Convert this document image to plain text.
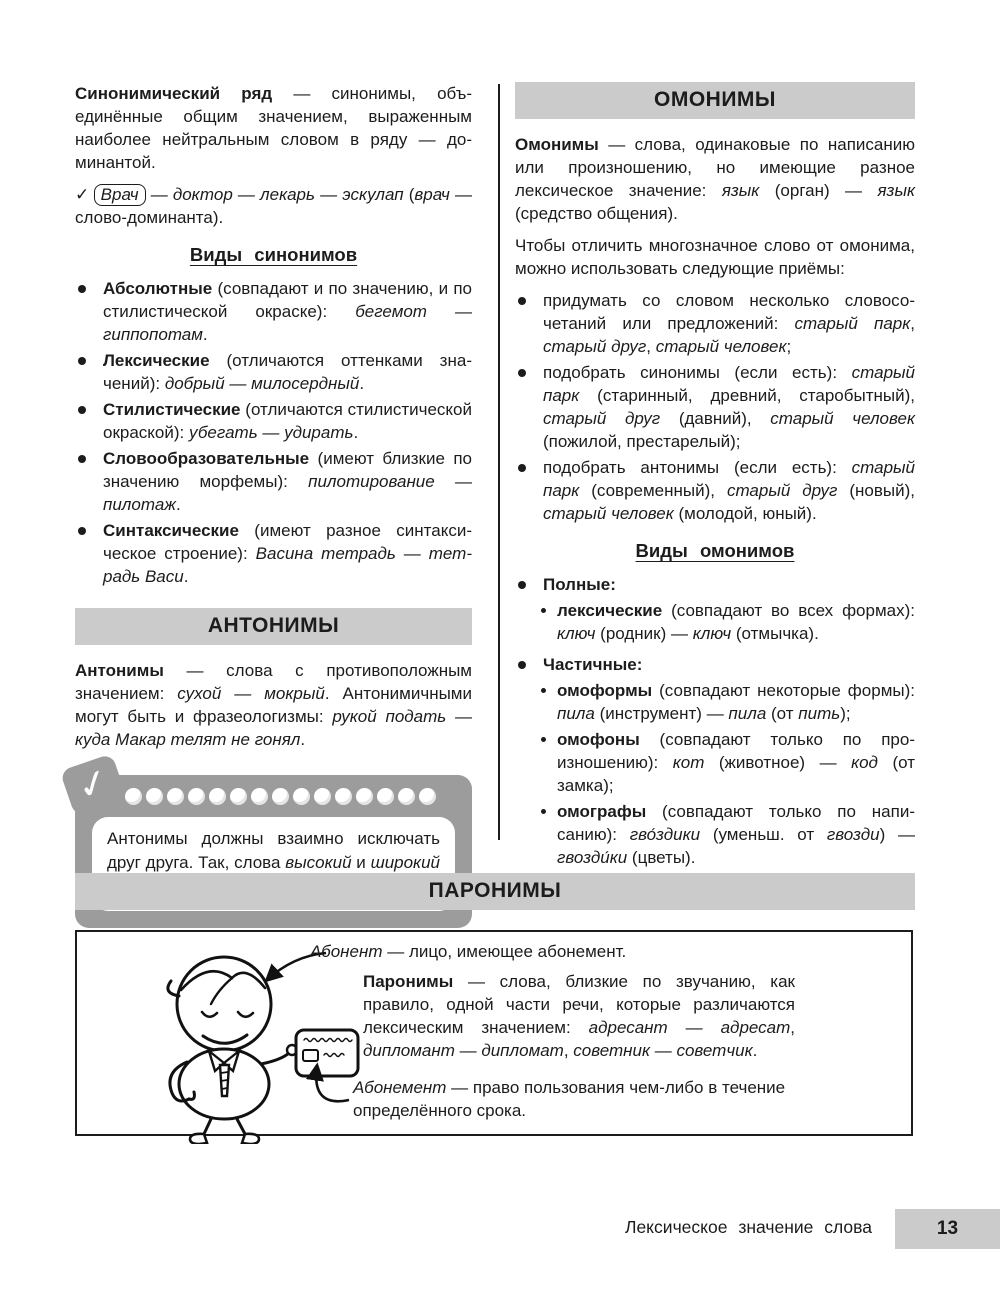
Синонимический ряд — синонимы, объединённые общим значением, выраженным наиболее нейтральным словом в ряду — доминантой.

✓ Врач — доктор — лекарь — эскулап (врач — слово-доминанта).

Виды синонимов
Абсолютные (совпадают и по значению, и по стилистической окраске): бегемот — гиппопотам.
Лексические (отличаются оттенками значений): добрый — милосердный.
Стилистические (отличаются стилистической окраской): убегать — удирать.
Словообразовательные (имеют близкие по значению морфемы): пилотирование — пилотаж.
Синтаксические (имеют разное синтаксическое строение): Васина тетрадь — тетрадь Васи.
АНТОНИМЫ

Антонимы — слова с противоположным значением: сухой — мокрый. Антонимичными могут быть и фразеологизмы: рукой подать — куда Макар телят не гонял.

✓
Антонимы должны взаимно исключать друг друга. Так, слова высокий и широкий
ОМОНИМЫ

Омонимы — слова, одинаковые по написанию или произношению, но имеющие разное лексическое значение: язык (орган) — язык (средство общения).

Чтобы отличить многозначное слово от омонима, можно использовать следующие приёмы:

придумать со словом несколько словосочетаний или предложений: старый парк, старый друг, старый человек;
подобрать синонимы (если есть): старый парк (старинный, древний, старобытный), старый друг (давний), старый человек (пожилой, престарелый);
подобрать антонимы (если есть): старый парк (современный), старый друг (новый), старый человек (молодой, юный).
Виды омонимов
Полные:
лексические (совпадают во всех формах): ключ (родник) — ключ (отмычка).
Частичные:
омоформы (совпадают некоторые формы): пила (инструмент) — пила (от пить);
омофоны (совпадают только по произношению): кот (животное) — код (от замка);
омографы (совпадают только по написанию): гво́здики (уменьш. от гвозди) — гвозди́ки (цветы).
ПАРОНИМЫ
Абонент — лицо, имеющее абонемент.
Паронимы — слова, близкие по звучанию, как правило, одной части речи, которые различаются лексическим значением: адресант — адресат, дипломант — дипломат, советник — советчик.
Абонемент — право пользования чем-либо в течение определённого срока.
Лексическое значение слова	13
